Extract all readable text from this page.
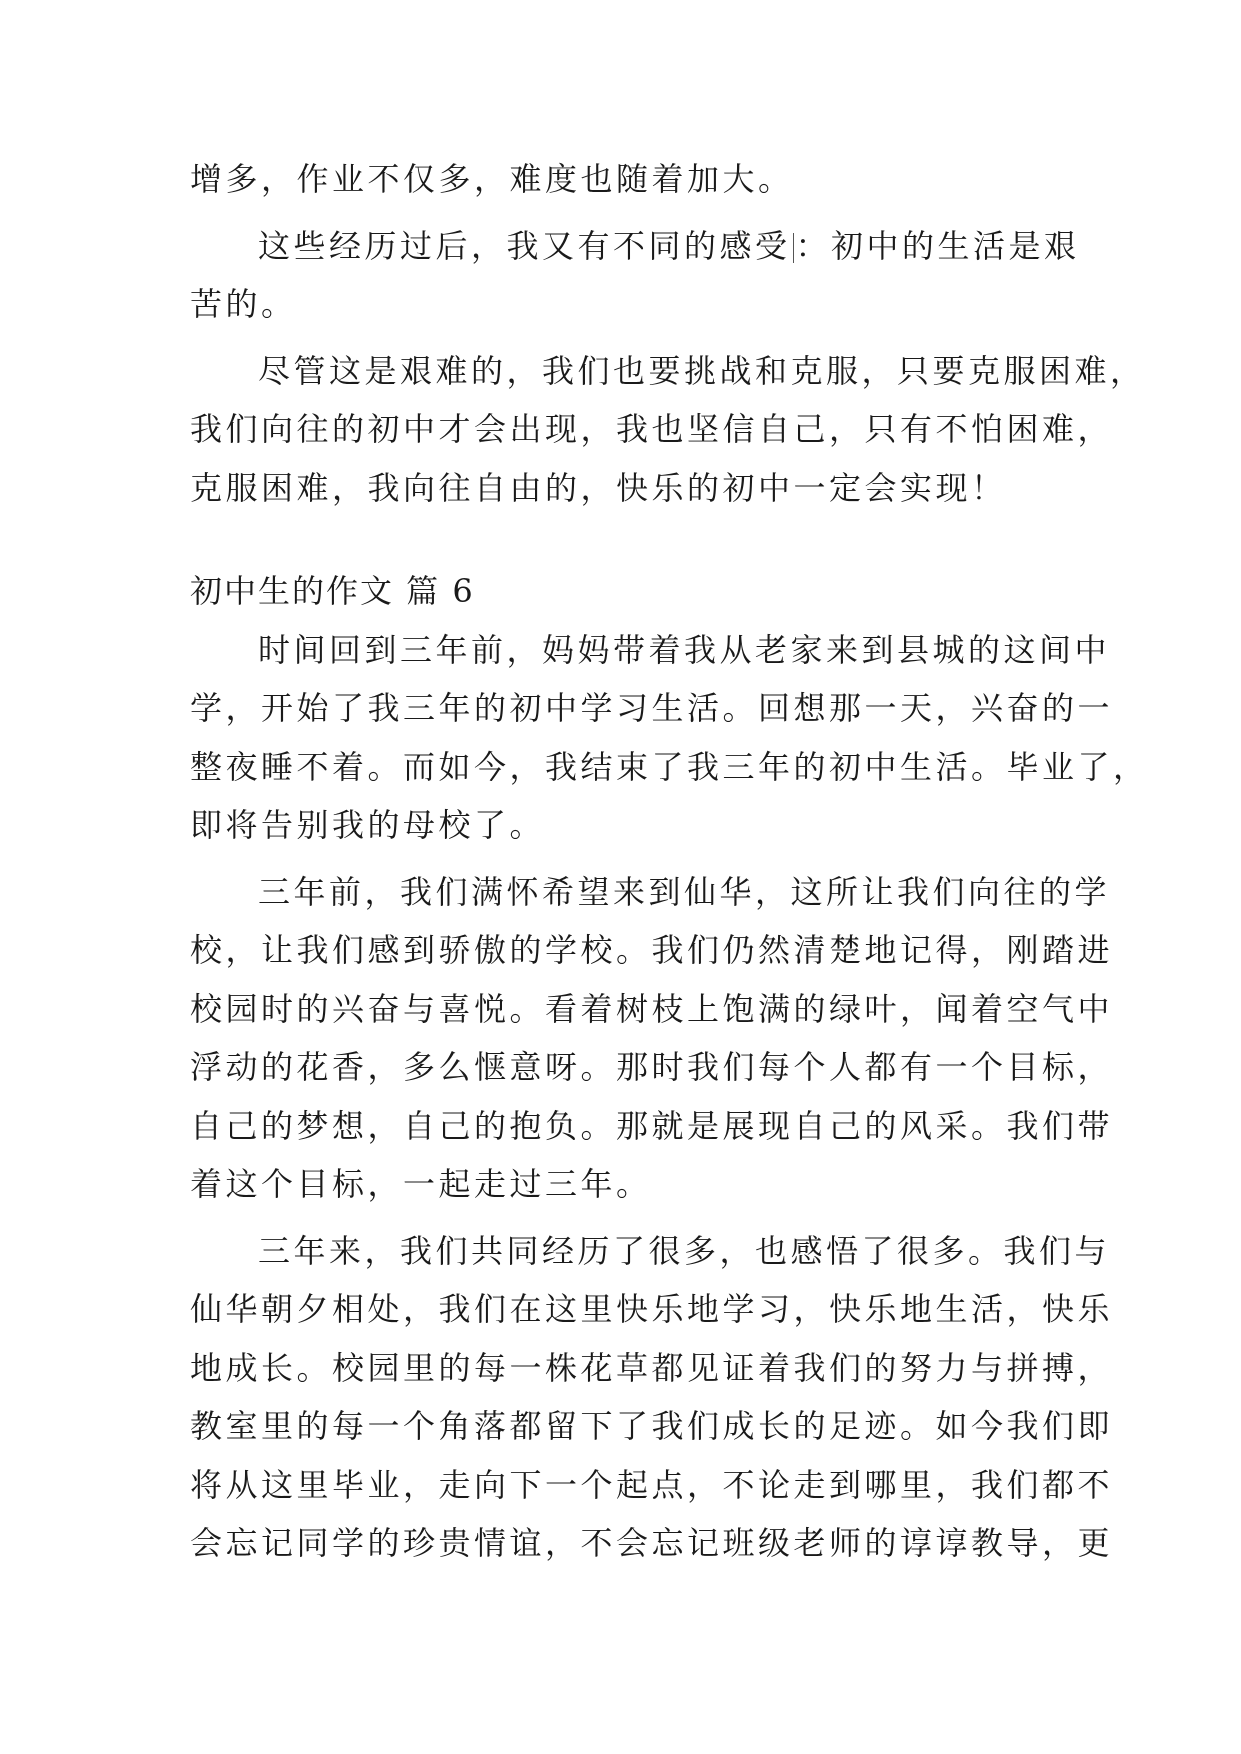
增多，作业不仅多，难度也随着加大。

这些经历过后，我又有不同的感受 ：初中的生活是艰

苦的。

尽管这是艰难的，我们也要挑战和克服，只要克服困难，

我们向往的初中才会出现，我也坚信自己，只有不怕困难，

克服困难，我向往自由的，快乐的初中一定会实现！

初中生的作文 篇 6

时间回到三年前，妈妈带着我从老家来到县城的这间中

学，开始了我三年的初中学习生活。回想那一天，兴奋的一

整夜睡不着。而如今，我结束了我三年的初中生活。毕业了，

即将告别我的母校了。

三年前，我们满怀希望来到仙华，这所让我们向往的学

校，让我们感到骄傲的学校。我们仍然清楚地记得，刚踏进

校园时的兴奋与喜悦。看着树枝上饱满的绿叶，闻着空气中

浮动的花香，多么惬意呀。那时我们每个人都有一个目标，

自己的梦想，自己的抱负。那就是展现自己的风采。我们带

着这个目标，一起走过三年。

三年来，我们共同经历了很多，也感悟了很多。我们与

仙华朝夕相处，我们在这里快乐地学习，快乐地生活，快乐

地成长。校园里的每一株花草都见证着我们的努力与拼搏，

教室里的每一个角落都留下了我们成长的足迹。如今我们即

将从这里毕业，走向下一个起点，不论走到哪里，我们都不

会忘记同学的珍贵情谊，不会忘记班级老师的谆谆教导，更
